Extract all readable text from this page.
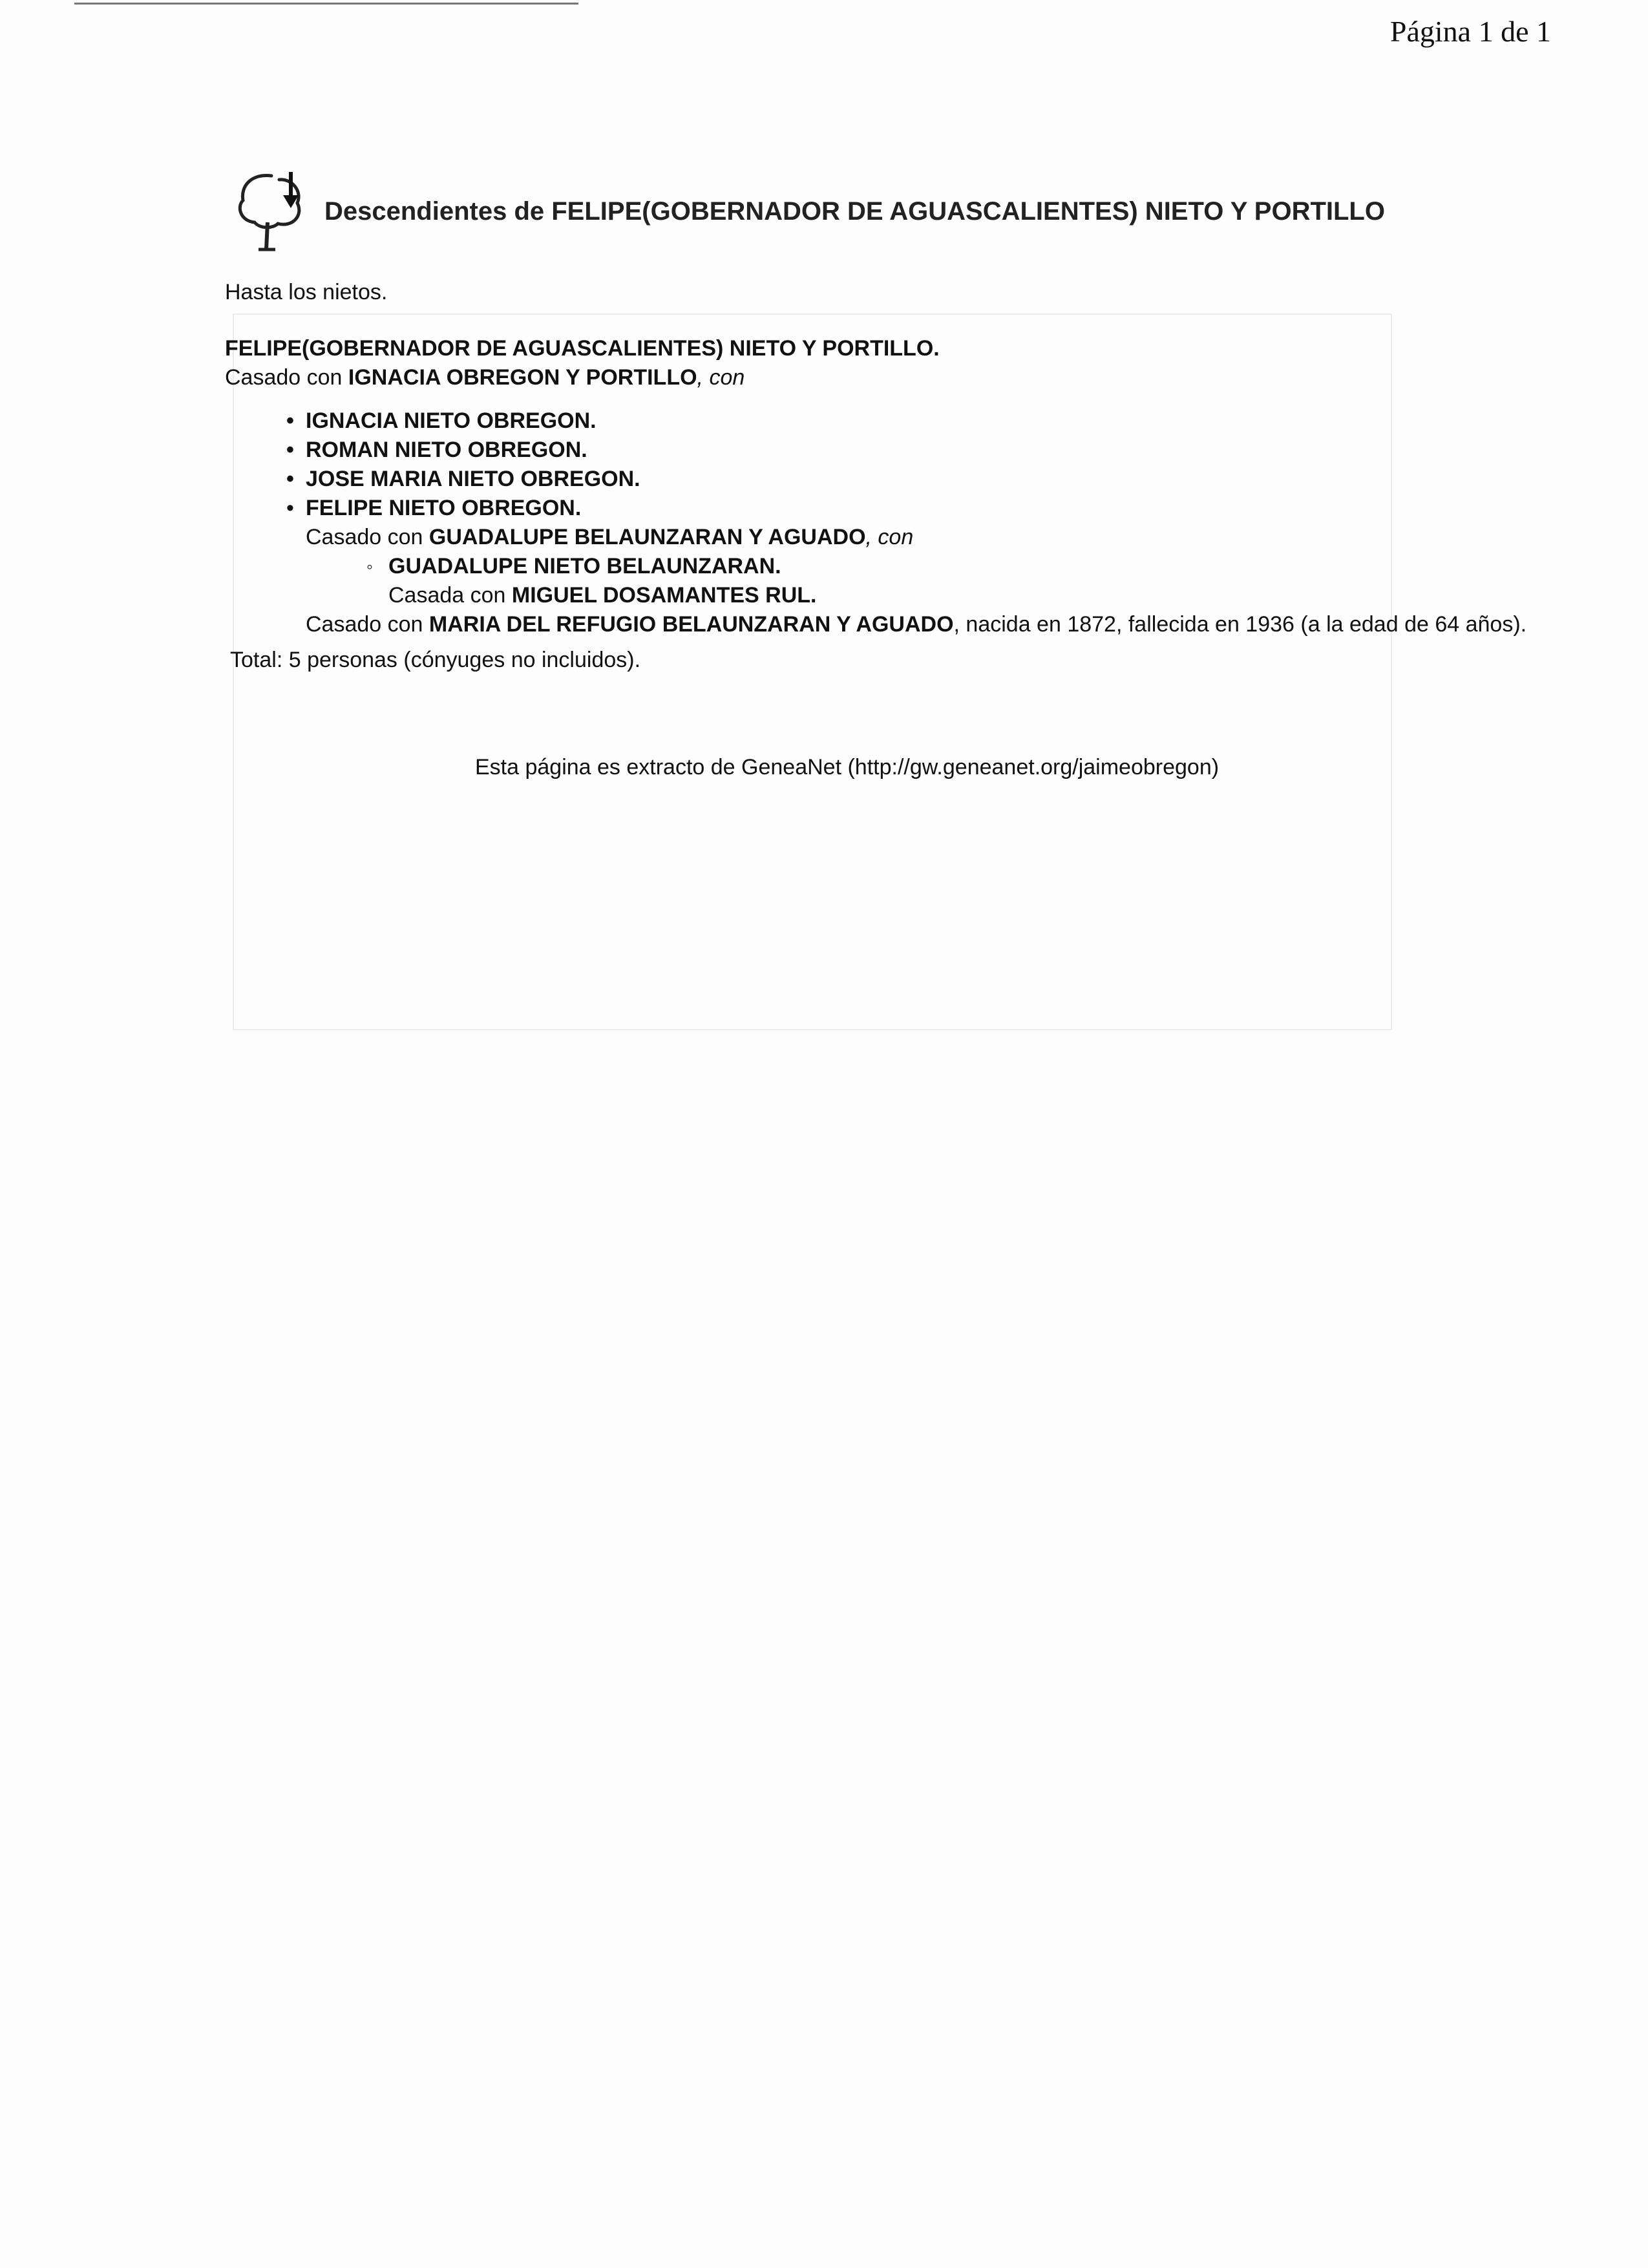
Página 1 de 1

Descendientes de FELIPE(GOBERNADOR DE AGUASCALIENTES) NIETO Y PORTILLO
Hasta los nietos.
FELIPE(GOBERNADOR DE AGUASCALIENTES) NIETO Y PORTILLO.
Casado con IGNACIA OBREGON Y PORTILLO, con
• IGNACIA NIETO OBREGON.
• ROMAN NIETO OBREGON.
• JOSE MARIA NIETO OBREGON.
• FELIPE NIETO OBREGON.
Casado con GUADALUPE BELAUNZARAN Y AGUADO, con
◦ GUADALUPE NIETO BELAUNZARAN.
Casada con MIGUEL DOSAMANTES RUL.
Casado con MARIA DEL REFUGIO BELAUNZARAN Y AGUADO, nacida en 1872, fallecida en 1936 (a la edad de 64 años).
Total: 5 personas (cónyuges no incluidos).
Esta página es extracto de GeneaNet (http://gw.geneanet.org/jaimeobregon)
